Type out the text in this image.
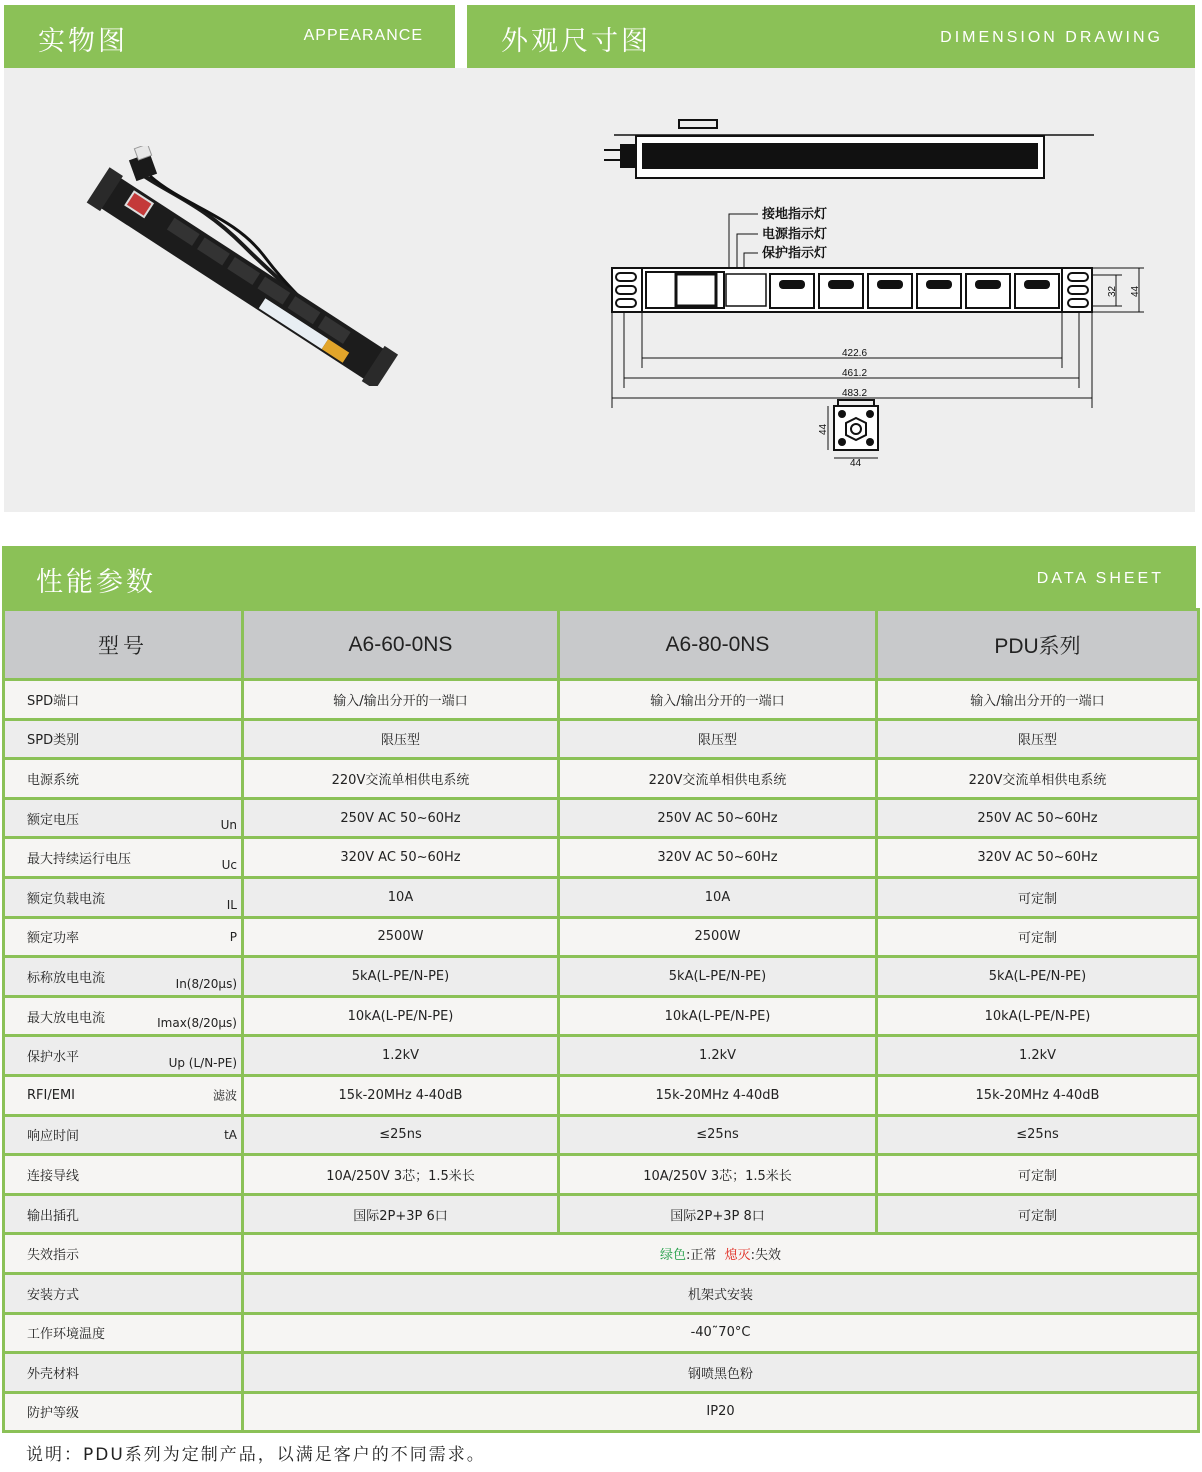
实物图	APPEARANCE	外观尺寸图	DIMENSION DRAWING
接地指示灯
电源指示灯
保护指示灯
422.6
461.2
483.2
32 44
44
44
性能参数	DATA SHEET
型号	A6-60-0NS	A6-80-0NS	PDU系列
SPD端口	输入/输出分开的一端口	输入/输出分开的一端口	输入/输出分开的一端口
SPD类别	限压型	限压型	限压型
电源系统	220V交流单相供电系统	220V交流单相供电系统	220V交流单相供电系统
额定电压 Un	250V AC 50~60Hz	250V AC 50~60Hz	250V AC 50~60Hz
最大持续运行电压 Uc	320V AC 50~60Hz	320V AC 50~60Hz	320V AC 50~60Hz
额定负载电流 IL	10A	10A	可定制
额定功率 P	2500W	2500W	可定制
标称放电电流 In(8/20μs)	5kA(L-PE/N-PE)	5kA(L-PE/N-PE)	5kA(L-PE/N-PE)
最大放电电流 Imax(8/20μs)	10kA(L-PE/N-PE)	10kA(L-PE/N-PE)	10kA(L-PE/N-PE)
保护水平 Up (L/N-PE)	1.2kV	1.2kV	1.2kV
RFI/EMI 滤波	15k-20MHz 4-40dB	15k-20MHz 4-40dB	15k-20MHz 4-40dB
响应时间 tA	≤25ns	≤25ns	≤25ns
连接导线	10A/250V 3芯；1.5米长	10A/250V 3芯；1.5米长	可定制
输出插孔	国际2P+3P 6口	国际2P+3P 8口	可定制
失效指示	绿色:正常  熄灭:失效		
安装方式	机架式安装		
工作环境温度	-40˜70°C		
外壳材料	钢喷黑色粉		
防护等级	IP20		
说明：PDU系列为定制产品，以满足客户的不同需求。
